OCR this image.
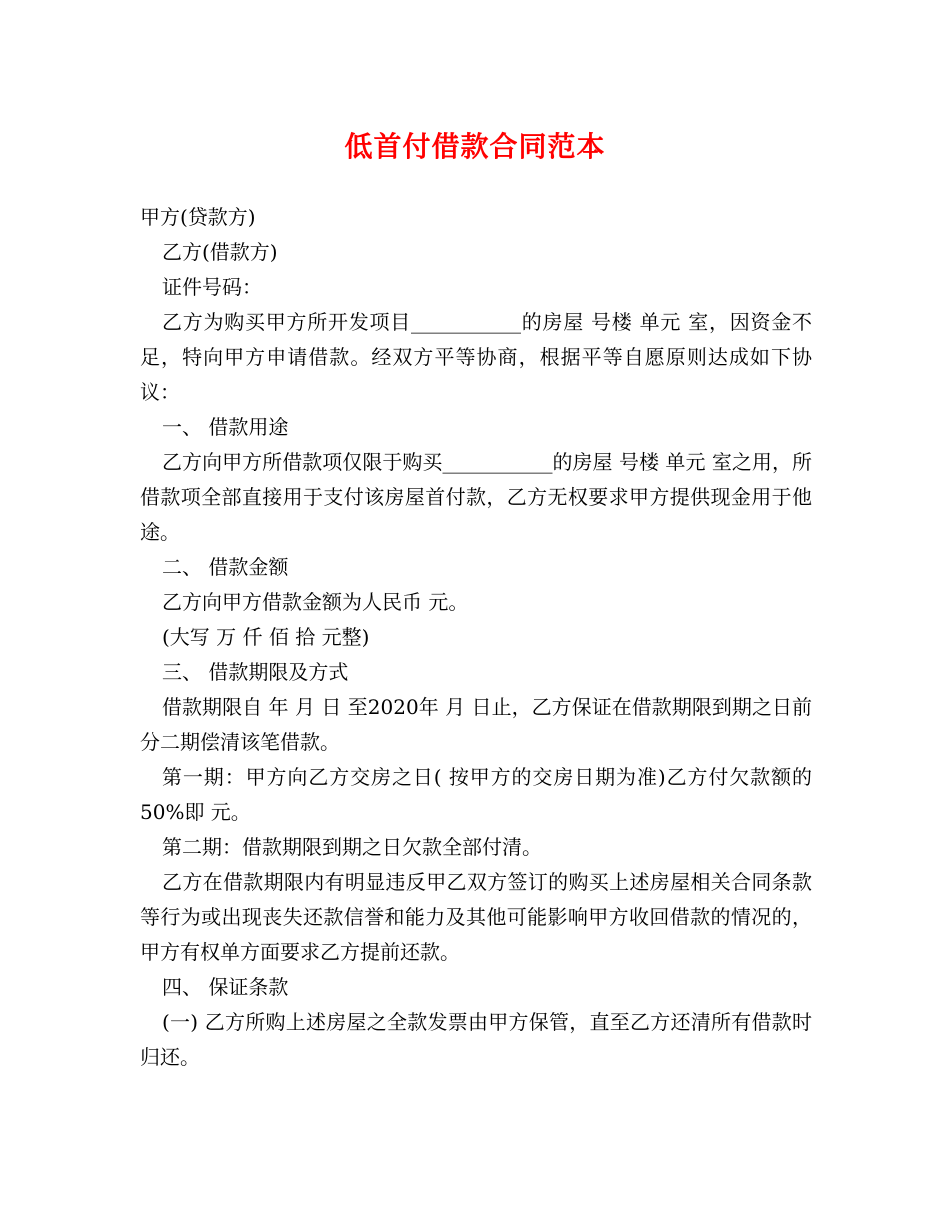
低首付借款合同范本

甲方(贷款方)

乙方(借款方)

证件号码：

乙方为购买甲方所开发项目___________的房屋 号楼 单元 室，因资金不足，特向甲方申请借款。经双方平等协商，根据平等自愿原则达成如下协议：

一、 借款用途

乙方向甲方所借款项仅限于购买___________的房屋 号楼 单元 室之用，所借款项全部直接用于支付该房屋首付款，乙方无权要求甲方提供现金用于他途。

二、 借款金额

乙方向甲方借款金额为人民币 元。

(大写 万 仟 佰 拾 元整)

三、 借款期限及方式

借款期限自 年 月 日 至2020年 月 日止，乙方保证在借款期限到期之日前分二期偿清该笔借款。

第一期：甲方向乙方交房之日( 按甲方的交房日期为准)乙方付欠款额的50%即 元。

第二期：借款期限到期之日欠款全部付清。

乙方在借款期限内有明显违反甲乙双方签订的购买上述房屋相关合同条款等行为或出现丧失还款信誉和能力及其他可能影响甲方收回借款的情况的，甲方有权单方面要求乙方提前还款。

四、 保证条款

(一) 乙方所购上述房屋之全款发票由甲方保管，直至乙方还清所有借款时归还。
